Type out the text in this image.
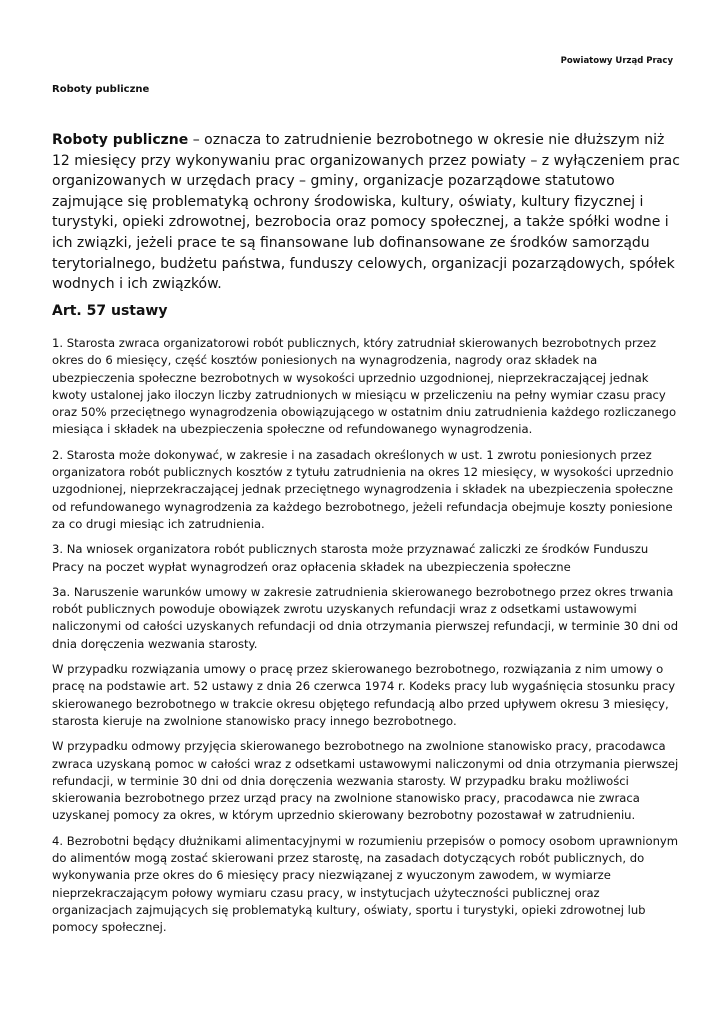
Powiatowy Urząd Pracy

Roboty publiczne

Roboty publiczne – oznacza to zatrudnienie bezrobotnego w okresie nie dłuższym niż 12 miesięcy przy wykonywaniu prac organizowanych przez powiaty – z wyłączeniem prac organizowanych w urzędach pracy – gminy, organizacje pozarządowe statutowo zajmujące się problematyką ochrony środowiska, kultury, oświaty, kultury fizycznej i turystyki, opieki zdrowotnej, bezrobocia oraz pomocy społecznej, a także spółki wodne i ich związki, jeżeli prace te są finansowane lub dofinansowane ze środków samorządu terytorialnego, budżetu państwa, funduszy celowych, organizacji pozarządowych, spółek wodnych i ich związków.

Art. 57 ustawy

1. Starosta zwraca organizatorowi robót publicznych, który zatrudniał skierowanych bezrobotnych przez okres do 6 miesięcy, część kosztów poniesionych na wynagrodzenia, nagrody oraz składek na ubezpieczenia społeczne bezrobotnych w wysokości uprzednio uzgodnionej, nieprzekraczającej jednak kwoty ustalonej jako iloczyn liczby zatrudnionych w miesiącu w przeliczeniu na pełny wymiar czasu pracy oraz 50% przeciętnego wynagrodzenia obowiązującego w ostatnim dniu zatrudnienia każdego rozliczanego miesiąca i składek na ubezpieczenia społeczne od refundowanego wynagrodzenia.

2. Starosta może dokonywać, w zakresie i na zasadach określonych w ust. 1 zwrotu poniesionych przez organizatora robót publicznych kosztów z tytułu zatrudnienia na okres 12 miesięcy, w wysokości uprzednio uzgodnionej, nieprzekraczającej jednak przeciętnego wynagrodzenia i składek na ubezpieczenia społeczne od refundowanego wynagrodzenia za każdego bezrobotnego, jeżeli refundacja obejmuje koszty poniesione za co drugi miesiąc ich zatrudnienia.

3. Na wniosek organizatora robót publicznych starosta może przyznawać zaliczki ze środków Funduszu Pracy na poczet wypłat wynagrodzeń oraz opłacenia składek na ubezpieczenia społeczne

3a. Naruszenie warunków umowy w zakresie zatrudnienia skierowanego bezrobotnego przez okres trwania robót publicznych powoduje obowiązek zwrotu uzyskanych refundacji wraz z odsetkami ustawowymi naliczonymi od całości uzyskanych refundacji od dnia otrzymania pierwszej refundacji, w terminie 30 dni od dnia doręczenia wezwania starosty.

W przypadku rozwiązania umowy o pracę przez skierowanego bezrobotnego, rozwiązania z nim umowy o pracę na podstawie art. 52 ustawy z dnia 26 czerwca 1974 r. Kodeks pracy lub wygaśnięcia stosunku pracy skierowanego bezrobotnego w trakcie okresu objętego refundacją albo przed upływem okresu 3 miesięcy, starosta kieruje na zwolnione stanowisko pracy innego bezrobotnego.

W przypadku odmowy przyjęcia skierowanego bezrobotnego na zwolnione stanowisko pracy, pracodawca zwraca uzyskaną pomoc w całości wraz z odsetkami ustawowymi naliczonymi od dnia otrzymania pierwszej refundacji, w terminie 30 dni od dnia doręczenia wezwania starosty. W przypadku braku możliwości skierowania bezrobotnego przez urząd pracy na zwolnione stanowisko pracy, pracodawca nie zwraca uzyskanej pomocy za okres, w którym uprzednio skierowany bezrobotny pozostawał w zatrudnieniu.

4. Bezrobotni będący dłużnikami alimentacyjnymi w rozumieniu przepisów o pomocy osobom uprawnionym do alimentów mogą zostać skierowani przez starostę, na zasadach dotyczących robót publicznych, do wykonywania prze okres do 6 miesięcy pracy niezwiązanej z wyuczonym zawodem, w wymiarze nieprzekraczającym połowy wymiaru czasu pracy, w instytucjach użyteczności publicznej oraz organizacjach zajmujących się problematyką kultury, oświaty, sportu i turystyki, opieki zdrowotnej lub pomocy społecznej.
